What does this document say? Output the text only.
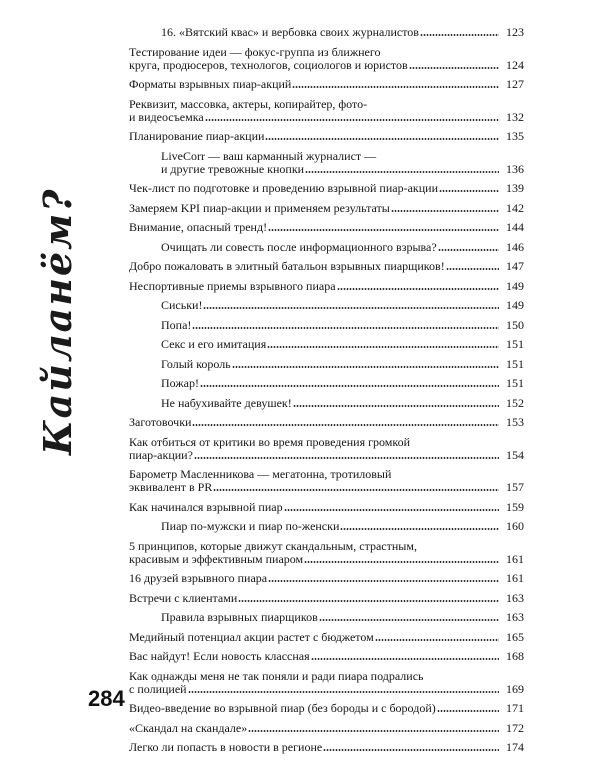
16. «Вятский квас» и вербовка своих журналистов	123
Тестирование идеи — фокус-группа из ближнего
круга, продюсеров, технологов, социологов и юристов	124
Форматы взрывных пиар-акций	127
Реквизит, массовка, актеры, копирайтер, фото-
и видеосъемка	132
Планирование пиар-акции	135
LiveCorr — ваш карманный журналист —
и другие тревожные кнопки	136
Чек-лист по подготовке и проведению взрывной пиар-акции	139
Замеряем KPI пиар-акции и применяем результаты	142
Внимание, опасный тренд!	144
Очищать ли совесть после информационного взрыва?	146
Добро пожаловать в элитный батальон взрывных пиарщиков!	147
Неспортивные приемы взрывного пиара	149
Сиськи!	149
Попа!	150
Секс и его имитация	151
Голый король	151
Пожар!	151
Не набухивайте девушек!	152
Заготовочки	153
Как отбиться от критики во время проведения громкой
пиар-акции?	154
Барометр Масленникова — мегатонна, тротиловый
эквивалент в PR	157
Как начинался взрывной пиар	159
Пиар по-мужски и пиар по-женски	160
5 принципов, которые движут скандальным, страстным,
красивым и эффективным пиаром	161
16 друзей взрывного пиара	161
Встречи с клиентами	163
Правила взрывных пиарщиков	163
Медийный потенциал акции растет с бюджетом	165
Вас найдут! Если новость классная	168
Как однажды меня не так поняли и ради пиара подрались
с полицией	169
Видео-введение во взрывной пиар (без бороды и с бородой)	171
«Скандал на скандале»	172
Легко ли попасть в новости в регионе	174
Кайланём?
284
